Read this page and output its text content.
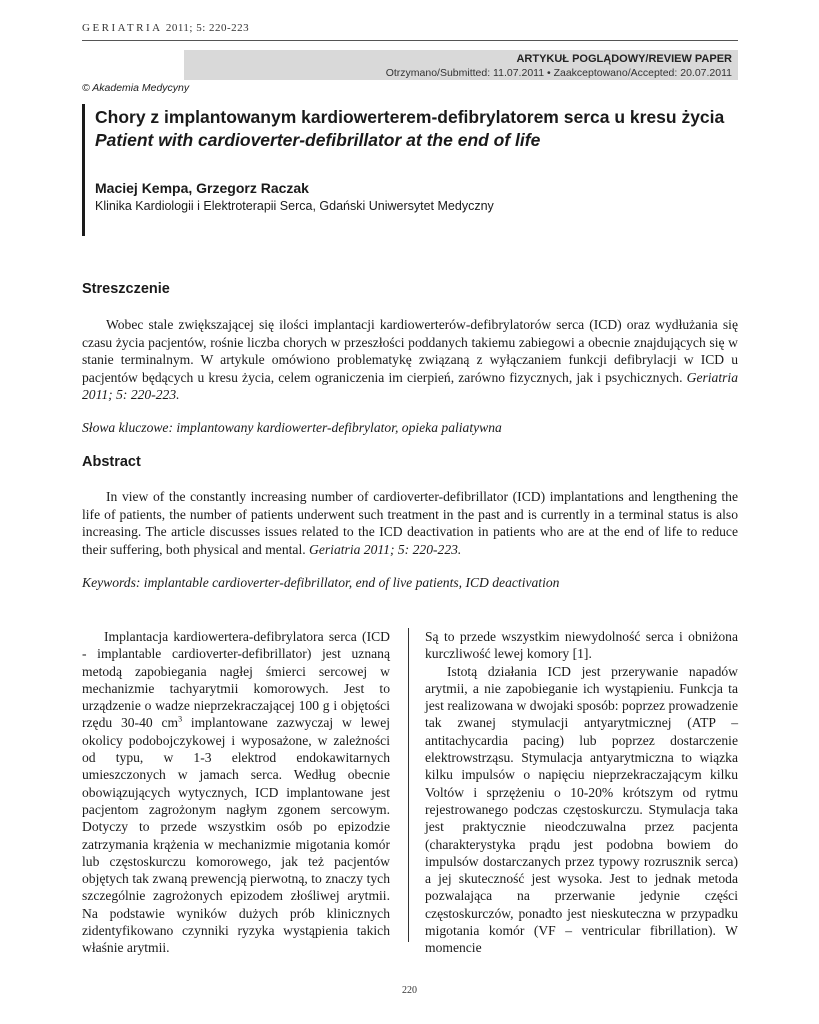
GERIATRIA 2011; 5: 220-223
ARTYKUŁ POGLĄDOWY/REVIEW PAPER
Otrzymano/Submitted: 11.07.2011 • Zaakceptowano/Accepted: 20.07.2011
© Akademia Medycyny
Chory z implantowanym kardiowerterem-defibrylatorem serca u kresu życia
Patient with cardioverter-defibrillator at the end of life
Maciej Kempa, Grzegorz Raczak
Klinika Kardiologii i Elektroterapii Serca, Gdański Uniwersytet Medyczny
Streszczenie

Wobec stale zwiększającej się ilości implantacji kardiowerterów-defibrylatorów serca (ICD) oraz wydłużania się czasu życia pacjentów, rośnie liczba chorych w przeszłości poddanych takiemu zabiegowi a obecnie znajdujących się w stanie terminalnym. W artykule omówiono problematykę związaną z wyłączaniem funkcji defibrylacji w ICD u pacjentów będących u kresu życia, celem ograniczenia im cierpień, zarówno fizycznych, jak i psychicznych. Geriatria 2011; 5: 220-223.

Słowa kluczowe: implantowany kardiowerter-defibrylator, opieka paliatywna

Abstract

In view of the constantly increasing number of cardioverter-defibrillator (ICD) implantations and lengthening the life of patients, the number of patients underwent such treatment in the past and is currently in a terminal status is also increasing. The article discusses issues related to the ICD deactivation in patients who are at the end of life to reduce their suffering, both physical and mental. Geriatria 2011; 5: 220-223.

Keywords: implantable cardioverter-defibrillator, end of live patients, ICD deactivation

Implantacja kardiowertera-defibrylatora serca (ICD - implantable cardioverter-defibrillator) jest uznaną metodą zapobiegania nagłej śmierci sercowej w mechanizmie tachyarytmii komorowych. Jest to urządzenie o wadze nieprzekraczającej 100 g i objętości rzędu 30-40 $cm^3$ implantowane zazwyczaj w lewej okolicy podobojczykowej i wyposażone, w zależności od typu, w 1-3 elektrod endokawitarnych umieszczonych w jamach serca. Według obecnie obowiązujących wytycznych, ICD implantowane jest pacjentom zagrożonym nagłym zgonem sercowym. Dotyczy to przede wszystkim osób po epizodzie zatrzymania krążenia w mechanizmie migotania komór lub częstoskurczu komorowego, jak też pacjentów objętych tak zwaną prewencją pierwotną, to znaczy tych szczególnie zagrożonych epizodem złośliwej arytmii. Na podstawie wyników dużych prób klinicznych zidentyfikowano czynniki ryzyka wystąpienia takich właśnie arytmii.

Są to przede wszystkim niewydolność serca i obniżona kurczliwość lewej komory [1].

Istotą działania ICD jest przerywanie napadów arytmii, a nie zapobieganie ich wystąpieniu. Funkcja ta jest realizowana w dwojaki sposób: poprzez prowadzenie tak zwanej stymulacji antyarytmicznej (ATP – antitachycardia pacing) lub poprzez dostarczenie elektrowstrząsu. Stymulacja antyarytmiczna to wiązka kilku impulsów o napięciu nieprzekraczającym kilku Voltów i sprzężeniu o 10-20% krótszym od rytmu rejestrowanego podczas częstoskurczu. Stymulacja taka jest praktycznie nieodczuwalna przez pacjenta (charakterystyka prądu jest podobna bowiem do impulsów dostarczanych przez typowy rozrusznik serca) a jej skuteczność jest wysoka. Jest to jednak metoda pozwalająca na przerwanie jedynie części częstoskurczów, ponadto jest nieskuteczna w przypadku migotania komór (VF – ventricular fibrillation). W momencie

220
